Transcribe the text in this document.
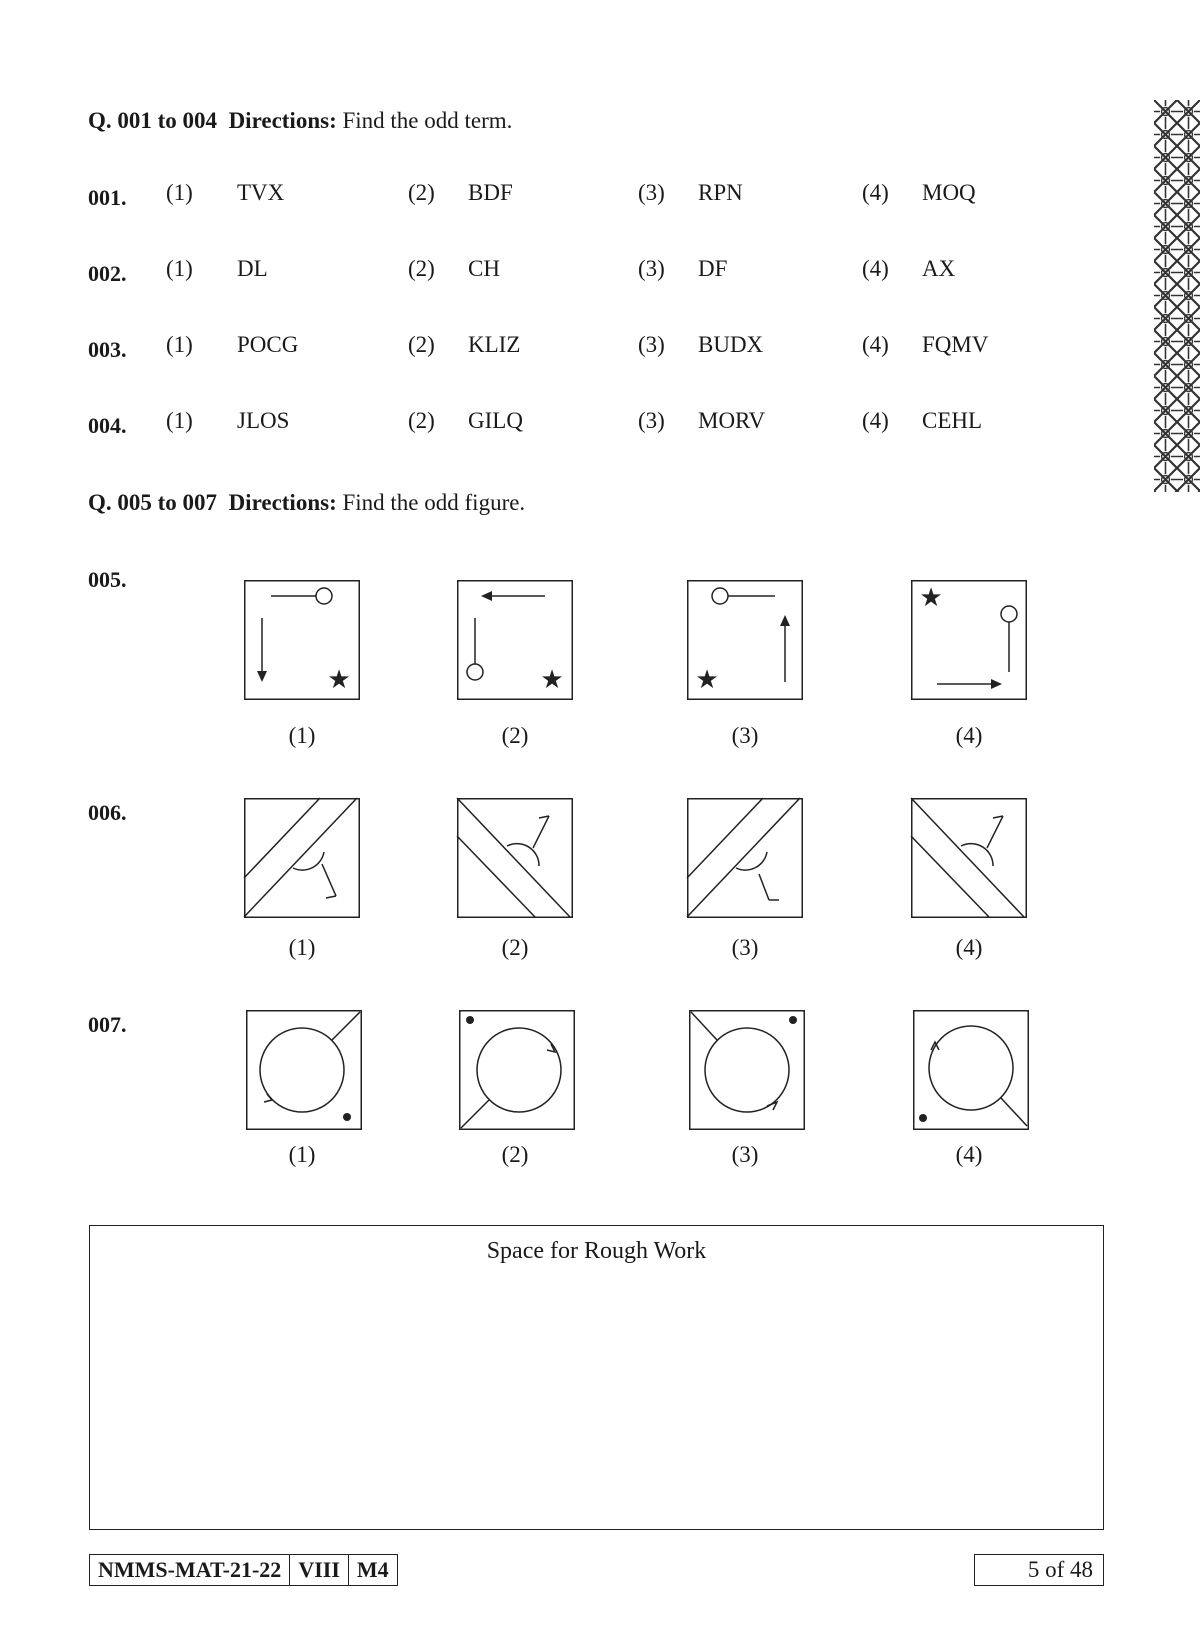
Q. 001 to 004 Directions: Find the odd term.
001. (1) TVX	(2) BDF	(3) RPN	(4) MOQ
002. (1) DL	(2) CH	(3) DF	(4) AX
003. (1) POCG	(2) KLIZ	(3) BUDX	(4) FQMV
004. (1) JLOS	(2) GILQ	(3) MORV	(4) CEHL
Q. 005 to 007 Directions: Find the odd figure.
005.
★	★	★
★
(1)	(2)	(3)	(4)
006.
(1)	(2)	(3)	(4)
007.
(1)	(2)	(3)	(4)
Space for Rough Work
NMMS-MAT-21-22 VIII M4	5 of 48
